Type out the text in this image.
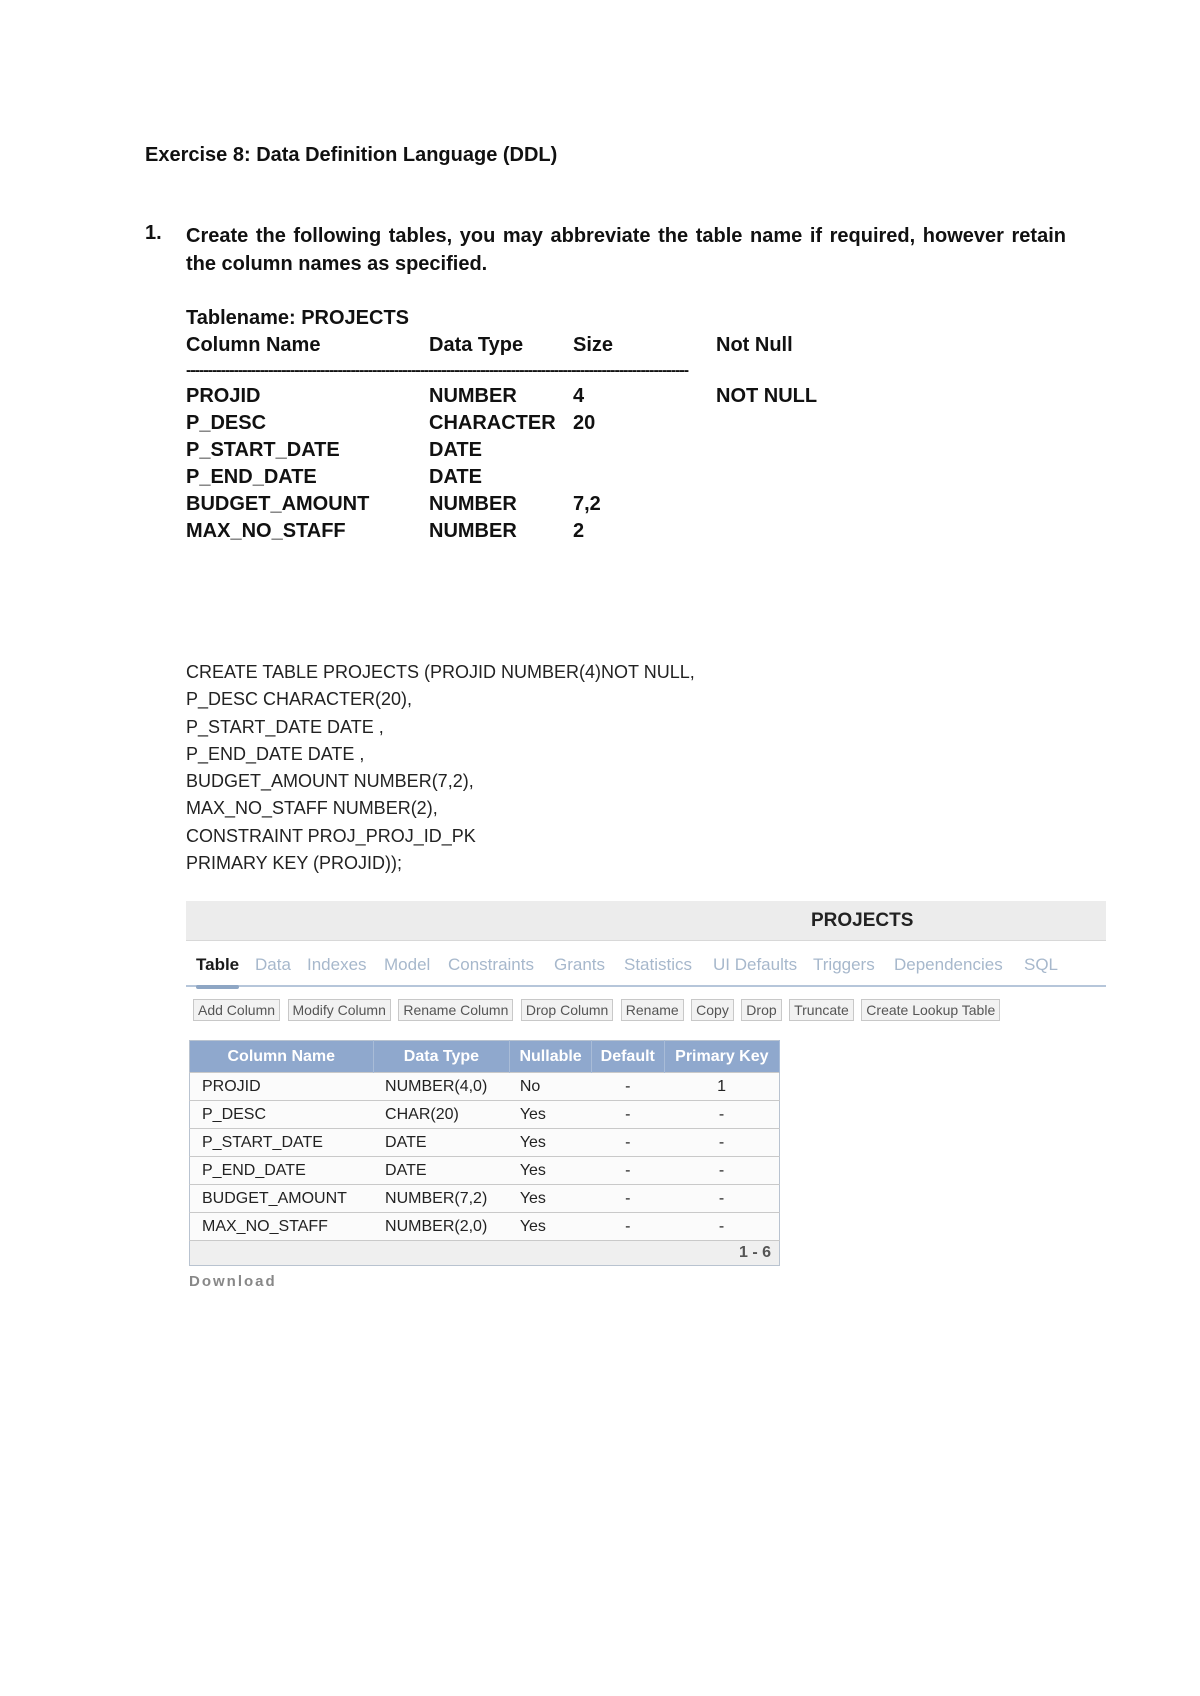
Exercise 8: Data Definition Language (DDL)
1. Create the following tables, you may abbreviate the table name if required, however retain the column names as specified.
Tablename: PROJECTS
Column Name	Data Type	Size	Not Null

--------------------------------------------------------------------------------------------------------------------			

PROJID	NUMBER	4	NOT NULL
P_DESC	CHARACTER	20	
P_START_DATE	DATE		
P_END_DATE	DATE		
BUDGET_AMOUNT	NUMBER	7,2	
MAX_NO_STAFF	NUMBER	2	
CREATE TABLE PROJECTS (PROJID NUMBER(4)NOT NULL,
P_DESC CHARACTER(20),
P_START_DATE DATE ,
P_END_DATE DATE ,
BUDGET_AMOUNT NUMBER(7,2),
MAX_NO_STAFF NUMBER(2),
CONSTRAINT PROJ_PROJ_ID_PK
PRIMARY KEY (PROJID));
PROJECTS
Table Data Indexes Model Constraints Grants Statistics UI Defaults Triggers Dependencies SQL
Add Column Modify Column Rename Column Drop Column Rename Copy Drop Truncate Create Lookup Table
Column Name	Data Type	Nullable	Default	Primary Key
PROJID	NUMBER(4,0)	No	-	1
P_DESC	CHAR(20)	Yes	-	-
P_START_DATE	DATE	Yes	-	-
P_END_DATE	DATE	Yes	-	-
BUDGET_AMOUNT	NUMBER(7,2)	Yes	-	-
MAX_NO_STAFF	NUMBER(2,0)	Yes	-	-
1 - 6				
Download
